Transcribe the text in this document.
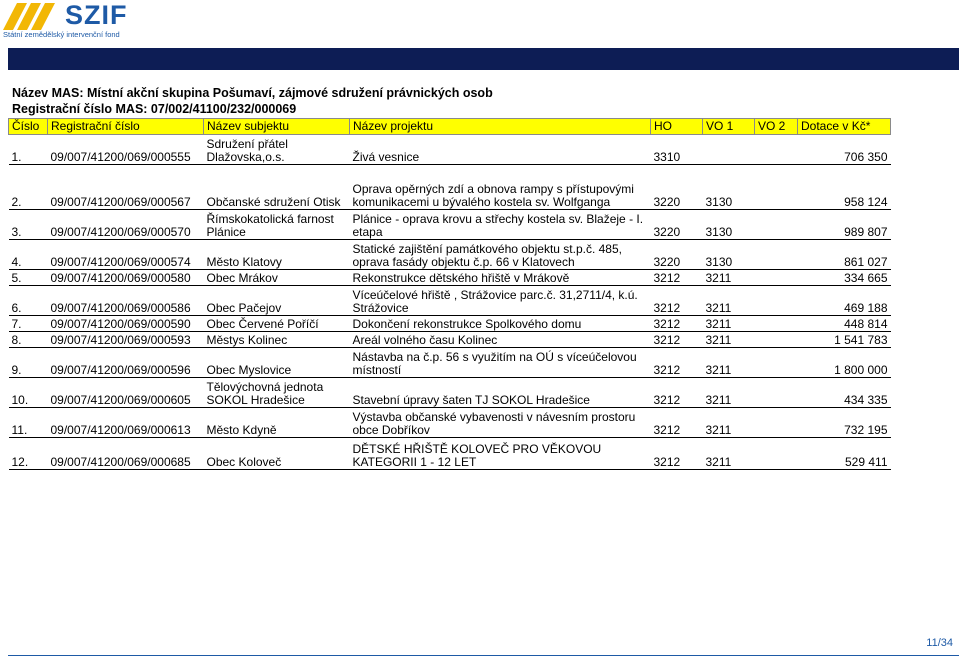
SZIF
Státní zemědělský intervenční fond
Název MAS: Místní akční skupina Pošumaví, zájmové sdružení právnických osob
Registrační číslo MAS: 07/002/41100/232/000069
Číslo	Registrační číslo	Název subjektu	Název projektu	HO	VO 1	VO 2	Dotace v Kč*
1.	09/007/41200/069/000555	Sdružení přátel Dlažovska,o.s.	Živá vesnice	3310			706 350
2.	09/007/41200/069/000567	Občanské sdružení Otisk	Oprava opěrných zdí a obnova rampy s přístupovými komunikacemi u bývalého kostela sv. Wolfganga	3220	3130		958 124
3.	09/007/41200/069/000570	Římskokatolická farnost Plánice	Plánice - oprava krovu a střechy kostela sv. Blažeje - I. etapa	3220	3130		989 807
4.	09/007/41200/069/000574	Město Klatovy	Statické zajištění památkového objektu st.p.č. 485, oprava fasády objektu č.p. 66 v Klatovech	3220	3130		861 027
5.	09/007/41200/069/000580	Obec Mrákov	Rekonstrukce dětského hřiště v Mrákově	3212	3211		334 665
6.	09/007/41200/069/000586	Obec Pačejov	Víceúčelové hřiště , Strážovice parc.č. 31,2711/4, k.ú. Strážovice	3212	3211		469 188
7.	09/007/41200/069/000590	Obec Červené Poříčí	Dokončení rekonstrukce Spolkového domu	3212	3211		448 814
8.	09/007/41200/069/000593	Městys Kolinec	Areál volného času Kolinec	3212	3211		1 541 783
9.	09/007/41200/069/000596	Obec Myslovice	Nástavba na č.p. 56 s využitím na OÚ s víceúčelovou místností	3212	3211		1 800 000
10.	09/007/41200/069/000605	Tělovýchovná jednota SOKOL Hradešice	Stavební úpravy šaten TJ SOKOL Hradešice	3212	3211		434 335
11.	09/007/41200/069/000613	Město Kdyně	Výstavba občanské vybavenosti v návesním prostoru obce Dobříkov	3212	3211		732 195
12.	09/007/41200/069/000685	Obec Koloveč	DĚTSKÉ HŘIŠTĚ KOLOVEČ PRO VĚKOVOU KATEGORII 1 - 12 LET	3212	3211		529 411
11/34
